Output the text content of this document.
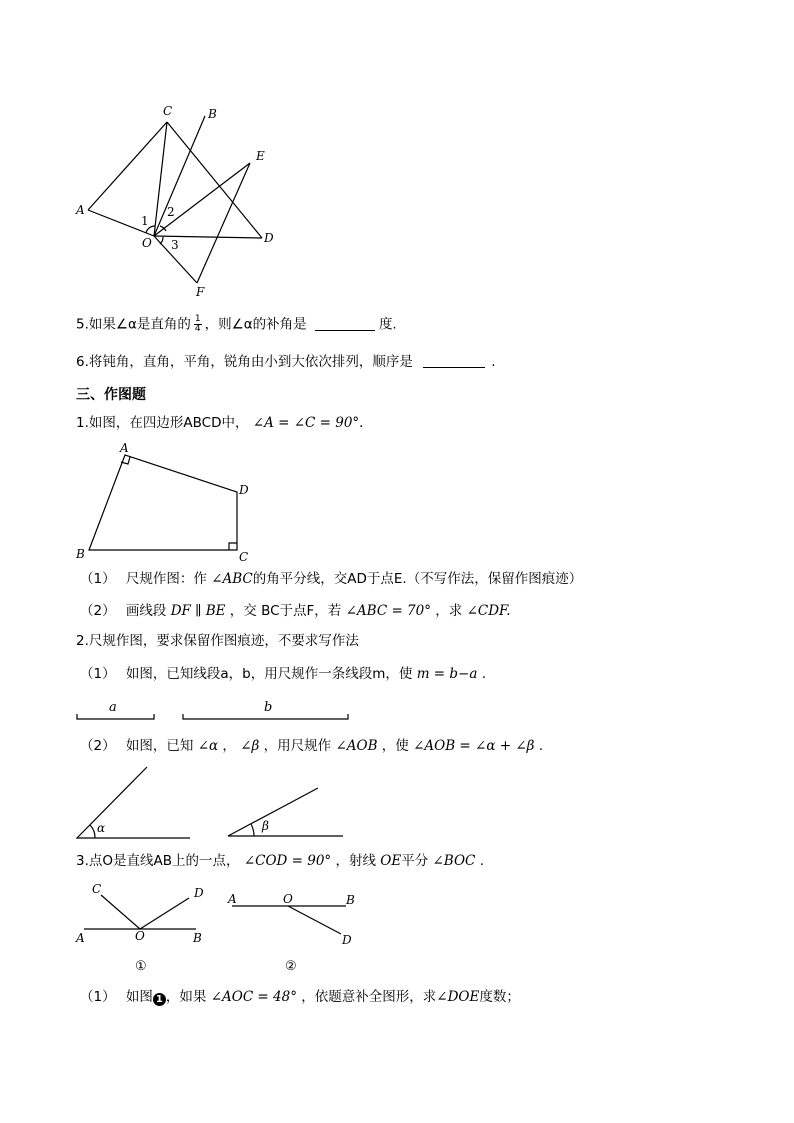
A
C	B
E
D
O
F
1
2
3
5.如果∠α是直角的 $\frac{1}{4}$ ，则∠α的补角是	度.
6.将钝角，直角，平角，锐角由小到大依次排列，顺序是	.
三、作图题
1.如图，在四边形ABCD中， ∠A = ∠C = 90°.
A
D
B	C
（1） 尺规作图：作 ∠ABC的角平分线，交AD于点E.（不写作法，保留作图痕迹）
（2） 画线段 DF ∥ BE ，交 BC于点F，若 ∠ABC = 70° ，求 ∠CDF.
2.尺规作图，要求保留作图痕迹，不要求写作法
（1） 如图，已知线段a，b，用尺规作一条线段m，使 m = b−a .
a	b
（2） 如图，已知 ∠α ， ∠β ，用尺规作 ∠AOB ，使 ∠AOB = ∠α + ∠β .
α	β
3.点O是直线AB上的一点， ∠COD = 90° ，射线 OE平分 ∠BOC .
C	D
A	O	B
①
A	O	B
D
②
（1） 如图 1 ，如果 ∠AOC = 48° ，依题意补全图形，求∠DOE度数；
